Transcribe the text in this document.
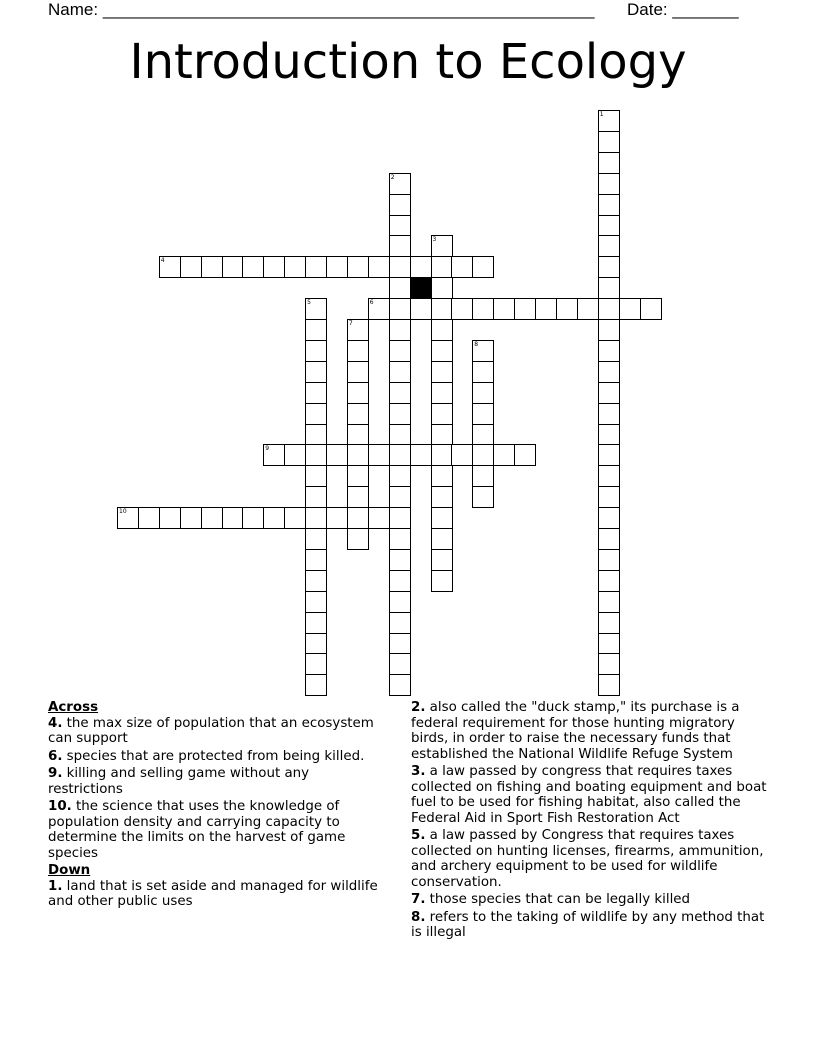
Name: ____________________________________________________ Date: _______
Introduction to Ecology
1
2
3
4
5	6
7
8
9
10

Across

4. the max size of population that an ecosystem can support

6. species that are protected from being killed.

9. killing and selling game without any restrictions

10. the science that uses the knowledge of population density and carrying capacity to determine the limits on the harvest of game species

Down

1. land that is set aside and managed for wildlife and other public uses

2. also called the "duck stamp," its purchase is a federal requirement for those hunting migratory birds, in order to raise the necessary funds that established the National Wildlife Refuge System

3. a law passed by congress that requires taxes collected on fishing and boating equipment and boat fuel to be used for fishing habitat, also called the Federal Aid in Sport Fish Restoration Act

5. a law passed by Congress that requires taxes collected on hunting licenses, firearms, ammunition, and archery equipment to be used for wildlife conservation.

7. those species that can be legally killed

8. refers to the taking of wildlife by any method that is illegal
